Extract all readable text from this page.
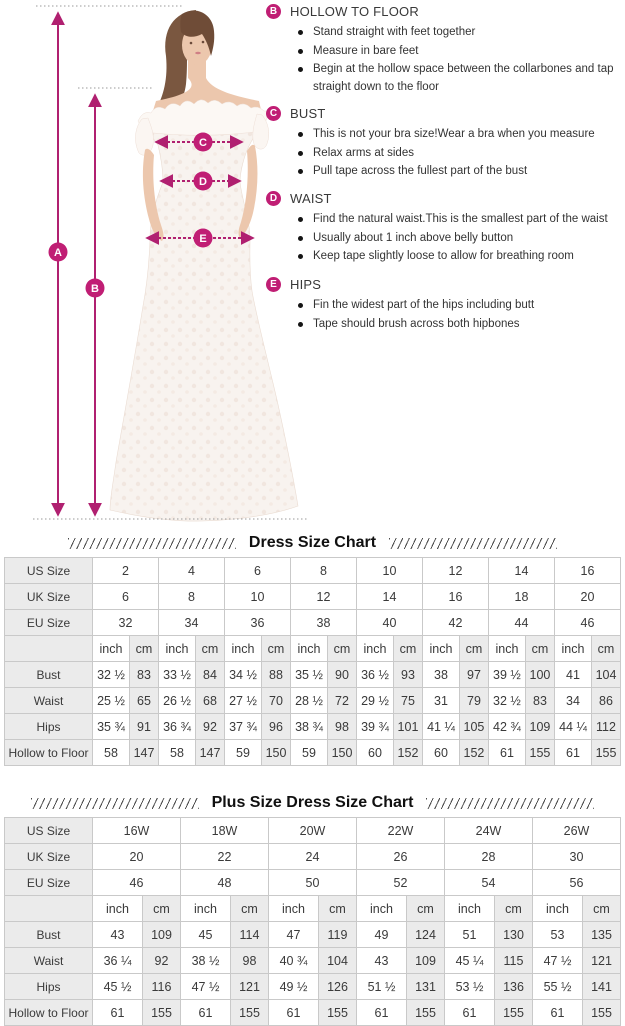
A
B
C
D
E
B HOLLOW TO FLOOR
Stand straight with feet together
Measure in bare feet
Begin at the hollow space between the collarbones and tap straight down to the floor
C BUST
This is not your bra size!Wear a bra when you measure
Relax arms at sides
Pull tape across the fullest part of the bust
D WAIST
Find the natural waist.This is the smallest part of the waist
Usually about 1 inch above belly button
Keep tape slightly loose to allow for breathing room
E	HIPS
Fin the widest part of the hips including butt
Tape should brush across both hipbones
Dress Size Chart
US Size	2		4		6		8		10		12		14		16	
UK Size	6		8		10		12		14		16		18		20	
EU Size	32		34		36		38		40		42		44		46	
	inch	cm	inch	cm	inch	cm	inch	cm	inch	cm	inch	cm	inch	cm	inch	cm
Bust	32 ½	83	33 ½	84	34 ½	88	35 ½	90	36 ½	93	38	97	39 ½	100	41	104
Waist	25 ½	65	26 ½	68	27 ½	70	28 ½	72	29 ½	75	31	79	32 ½	83	34	86
Hips	35 ¾	91	36 ¾	92	37 ¾	96	38 ¾	98	39 ¾	101	41 ¼	105	42 ¾	109	44 ¼	112
Hollow to Floor	58	147	58	147	59	150	59	150	60	152	60	152	61	155	61	155
Plus Size Dress Size Chart
US Size	16W		18W		20W		22W		24W		26W	
UK Size	20		22		24		26		28		30	
EU Size	46		48		50		52		54		56	
	inch	cm	inch	cm	inch	cm	inch	cm	inch	cm	inch	cm
Bust	43	109	45	114	47	119	49	124	51	130	53	135
Waist	36 ¼	92	38 ½	98	40 ¾	104	43	109	45 ¼	115	47 ½	121
Hips	45 ½	116	47 ½	121	49 ½	126	51 ½	131	53 ½	136	55 ½	141
Hollow to Floor	61	155	61	155	61	155	61	155	61	155	61	155
